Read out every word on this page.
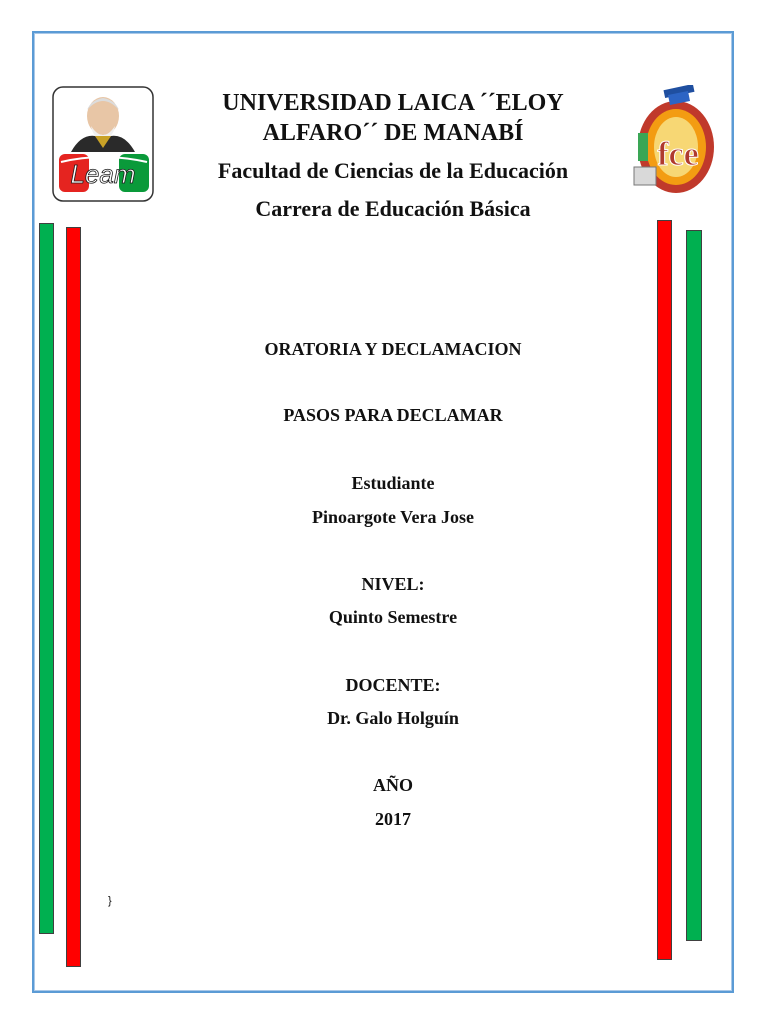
Leam
fce
UNIVERSIDAD LAICA ´´ELOY
ALFARO´´ DE MANABÍ
Facultad de Ciencias de la Educación
Carrera de Educación Básica
ORATORIA Y DECLAMACION
PASOS PARA DECLAMAR
Estudiante
Pinoargote Vera Jose
NIVEL:
Quinto Semestre
DOCENTE:
Dr. Galo Holguín
AÑO
2017
}
